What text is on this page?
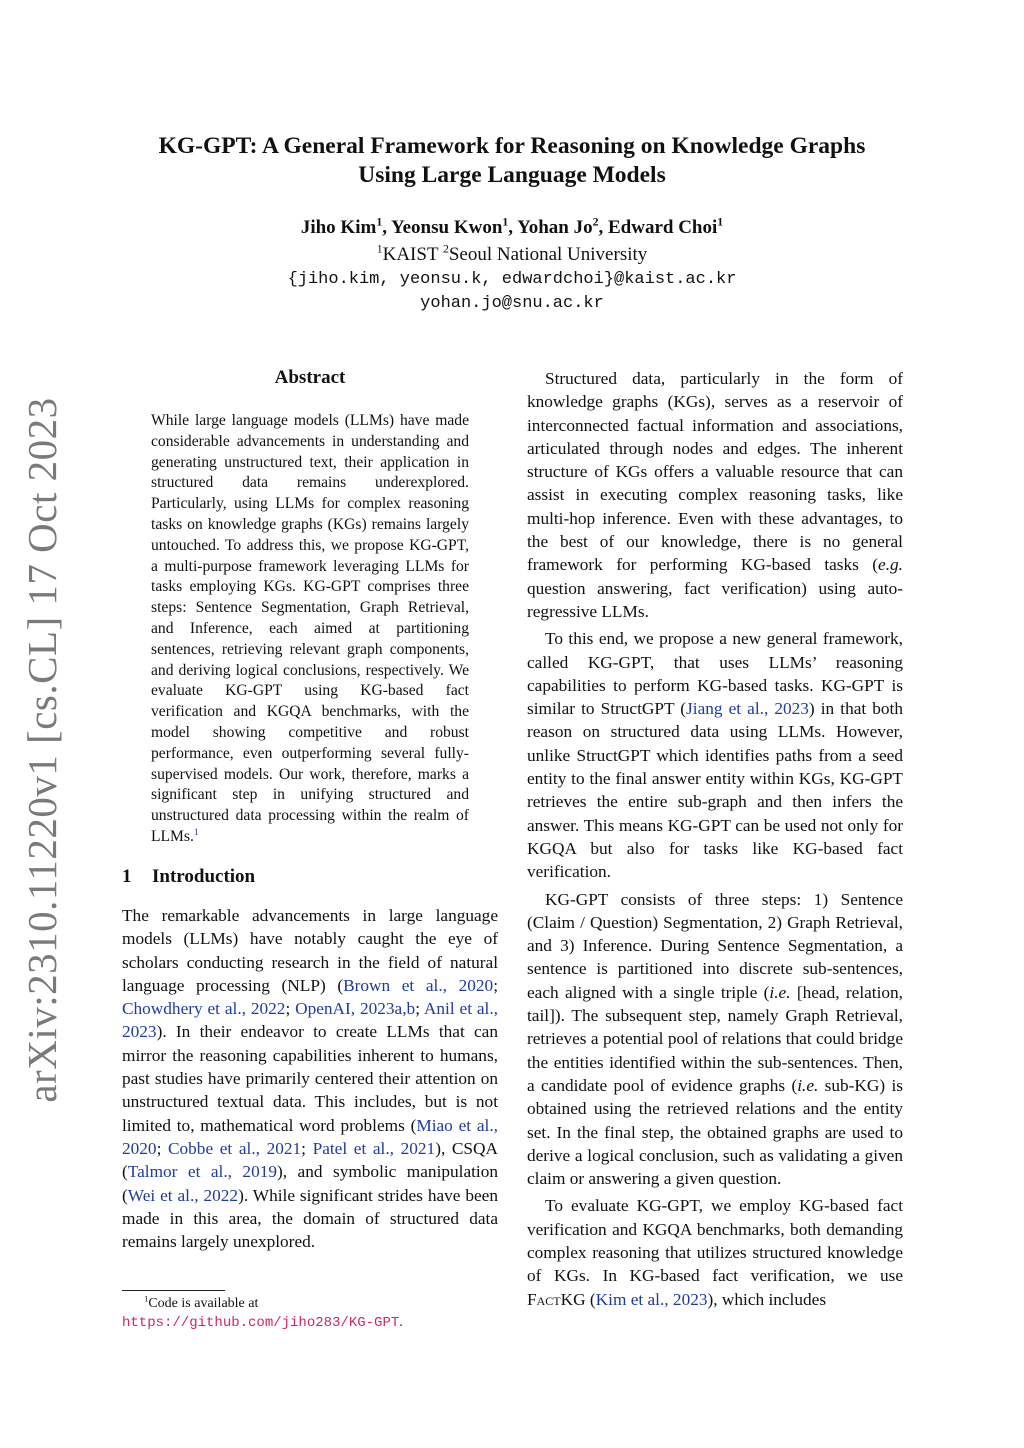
arXiv:2310.11220v1 [cs.CL] 17 Oct 2023
KG-GPT: A General Framework for Reasoning on Knowledge Graphs
Using Large Language Models
Jiho Kim$^1$, Yeonsu Kwon$^1$, Yohan Jo$^2$, Edward Choi$^1$
$^1$KAIST $^2$Seoul National University
{jiho.kim, yeonsu.k, edwardchoi}@kaist.ac.kr
yohan.jo@snu.ac.kr
Abstract
While large language models (LLMs) have made considerable advancements in understanding and generating unstructured text, their application in structured data remains underexplored. Particularly, using LLMs for complex reasoning tasks on knowledge graphs (KGs) remains largely untouched. To address this, we propose KG-GPT, a multi-purpose framework leveraging LLMs for tasks employing KGs. KG-GPT comprises three steps: Sentence Segmentation, Graph Retrieval, and Inference, each aimed at partitioning sentences, retrieving relevant graph components, and deriving logical conclusions, respectively. We evaluate KG-GPT using KG-based fact verification and KGQA benchmarks, with the model showing competitive and robust performance, even outperforming several fully-supervised models. Our work, therefore, marks a significant step in unifying structured and unstructured data processing within the realm of LLMs.$^1$
1 Introduction

The remarkable advancements in large language models (LLMs) have notably caught the eye of scholars conducting research in the field of natural language processing (NLP) (Brown et al., 2020; Chowdhery et al., 2022; OpenAI, 2023a,b; Anil et al., 2023). In their endeavor to create LLMs that can mirror the reasoning capabilities inherent to humans, past studies have primarily centered their attention on unstructured textual data. This includes, but is not limited to, mathematical word problems (Miao et al., 2020; Cobbe et al., 2021; Patel et al., 2021), CSQA (Talmor et al., 2019), and symbolic manipulation (Wei et al., 2022). While significant strides have been made in this area, the domain of structured data remains largely unexplored.

$^1$Code is available at https://github.com/jiho283/KG-GPT.

Structured data, particularly in the form of knowledge graphs (KGs), serves as a reservoir of interconnected factual information and associations, articulated through nodes and edges. The inherent structure of KGs offers a valuable resource that can assist in executing complex reasoning tasks, like multi-hop inference. Even with these advantages, to the best of our knowledge, there is no general framework for performing KG-based tasks (e.g. question answering, fact verification) using auto-regressive LLMs.

To this end, we propose a new general framework, called KG-GPT, that uses LLMs’ reasoning capabilities to perform KG-based tasks. KG-GPT is similar to StructGPT (Jiang et al., 2023) in that both reason on structured data using LLMs. However, unlike StructGPT which identifies paths from a seed entity to the final answer entity within KGs, KG-GPT retrieves the entire sub-graph and then infers the answer. This means KG-GPT can be used not only for KGQA but also for tasks like KG-based fact verification.

KG-GPT consists of three steps: 1) Sentence (Claim / Question) Segmentation, 2) Graph Retrieval, and 3) Inference. During Sentence Segmentation, a sentence is partitioned into discrete sub-sentences, each aligned with a single triple (i.e. [head, relation, tail]). The subsequent step, namely Graph Retrieval, retrieves a potential pool of relations that could bridge the entities identified within the sub-sentences. Then, a candidate pool of evidence graphs (i.e. sub-KG) is obtained using the retrieved relations and the entity set. In the final step, the obtained graphs are used to derive a logical conclusion, such as validating a given claim or answering a given question.

To evaluate KG-GPT, we employ KG-based fact verification and KGQA benchmarks, both demanding complex reasoning that utilizes structured knowledge of KGs. In KG-based fact verification, we use FactKG (Kim et al., 2023), which includes
